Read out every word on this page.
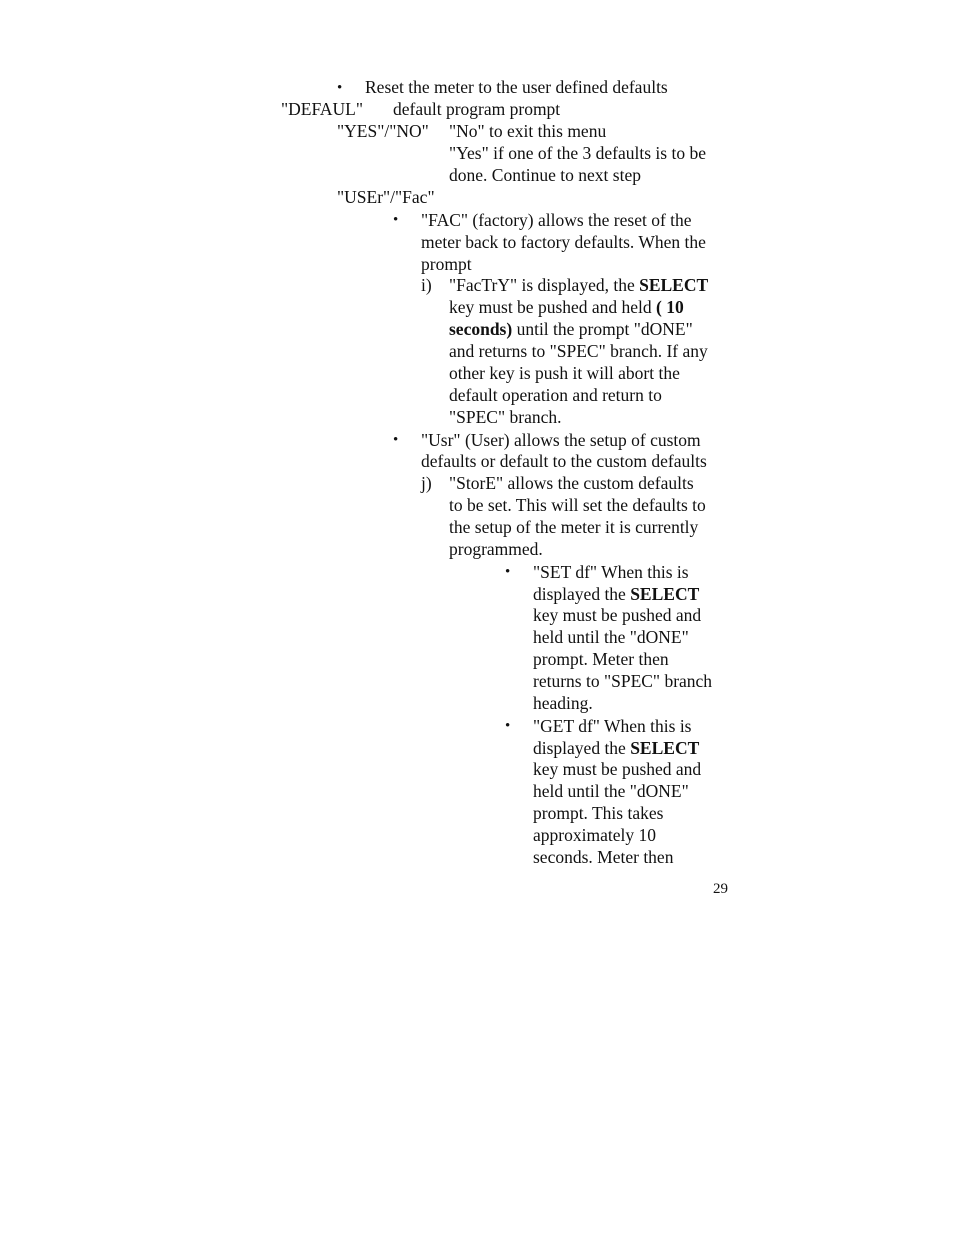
• Reset the meter to the user defined defaults
"DEFAUL" default program prompt
"YES"/"NO" "No" to exit this menu
"Yes" if one of the 3 defaults is to be
done. Continue to next step
"USEr"/"Fac"
• "FAC" (factory) allows the reset of the
meter back to factory defaults. When the
prompt
i) "FacTrY" is displayed, the SELECT
key must be pushed and held ( 10
seconds) until the prompt "dONE"
and returns to "SPEC" branch. If any
other key is push it will abort the
default operation and return to
"SPEC" branch.
• "Usr" (User) allows the setup of custom
defaults or default to the custom defaults
j) "StorE" allows the custom defaults
to be set. This will set the defaults to
the setup of the meter it is currently
programmed.
• "SET df" When this is
displayed the SELECT
key must be pushed and
held until the "dONE"
prompt. Meter then
returns to "SPEC" branch
heading.
• "GET df" When this is
displayed the SELECT
key must be pushed and
held until the "dONE"
prompt. This takes
approximately 10
seconds. Meter then
29
